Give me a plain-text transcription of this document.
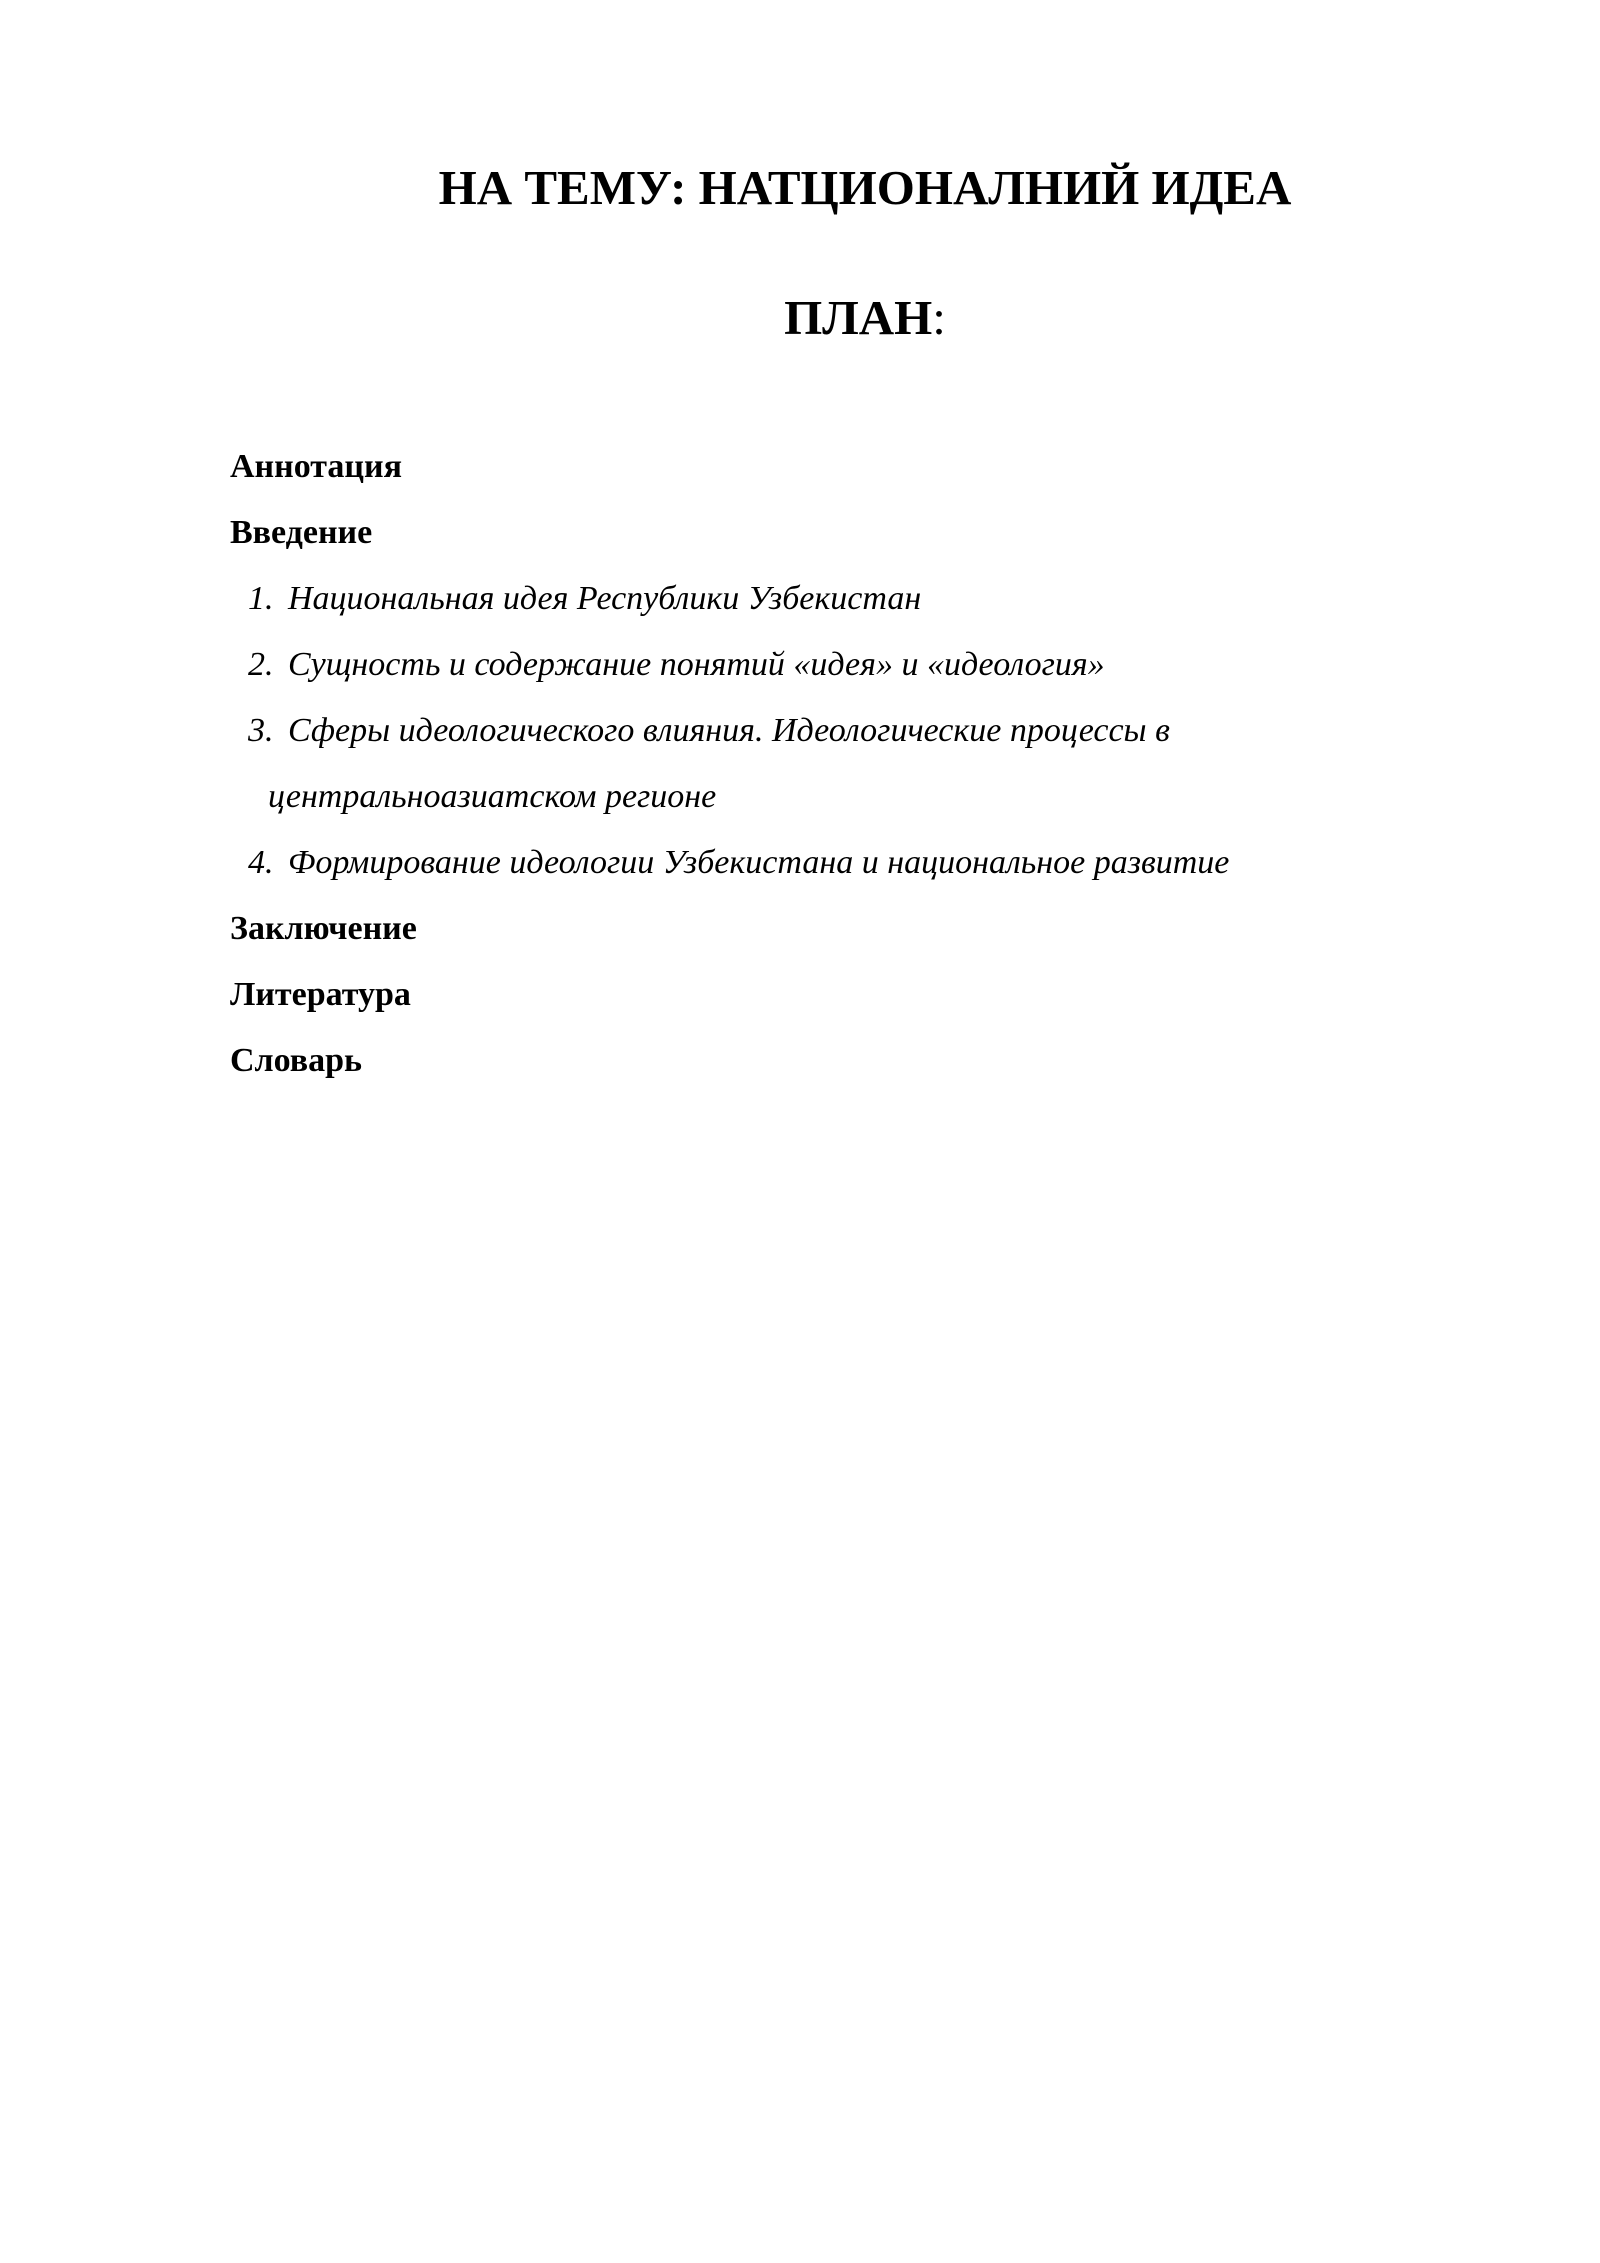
НА ТЕМУ: НАТЦИОНАЛНИЙ ИДЕА
ПЛАН:
Аннотация
Введение
1. Национальная идея Республики Узбекистан
2. Сущность и содержание понятий «идея» и «идеология»
3. Сферы идеологического влияния. Идеологические процессы в
центральноазиатском регионе
4. Формирование идеологии Узбекистана и национальное развитие
Заключение
Литература
Словарь
